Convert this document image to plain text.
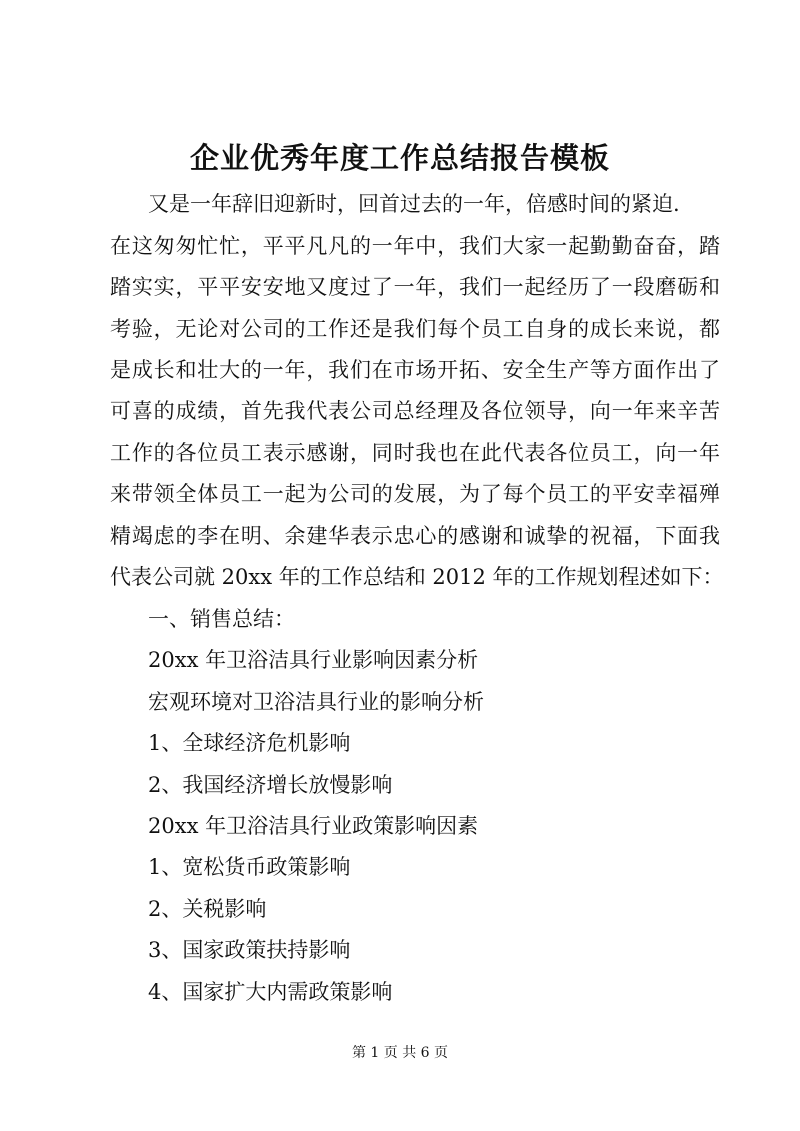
企业优秀年度工作总结报告模板
又是一年辞旧迎新时，回首过去的一年，倍感时间的紧迫.
在这匆匆忙忙，平平凡凡的一年中，我们大家一起勤勤奋奋，踏
踏实实，平平安安地又度过了一年，我们一起经历了一段磨砺和
考验，无论对公司的工作还是我们每个员工自身的成长来说，都
是成长和壮大的一年，我们在市场开拓、安全生产等方面作出了
可喜的成绩，首先我代表公司总经理及各位领导，向一年来辛苦
工作的各位员工表示感谢，同时我也在此代表各位员工，向一年
来带领全体员工一起为公司的发展，为了每个员工的平安幸福殚
精竭虑的李在明、余建华表示忠心的感谢和诚挚的祝福，下面我
代表公司就 20xx 年的工作总结和 2012 年的工作规划程述如下：
一、销售总结：
20xx 年卫浴洁具行业影响因素分析
宏观环境对卫浴洁具行业的影响分析
1、全球经济危机影响
2、我国经济增长放慢影响
20xx 年卫浴洁具行业政策影响因素
1、宽松货币政策影响
2、关税影响
3、国家政策扶持影响
4、国家扩大内需政策影响
第 1 页 共 6 页
